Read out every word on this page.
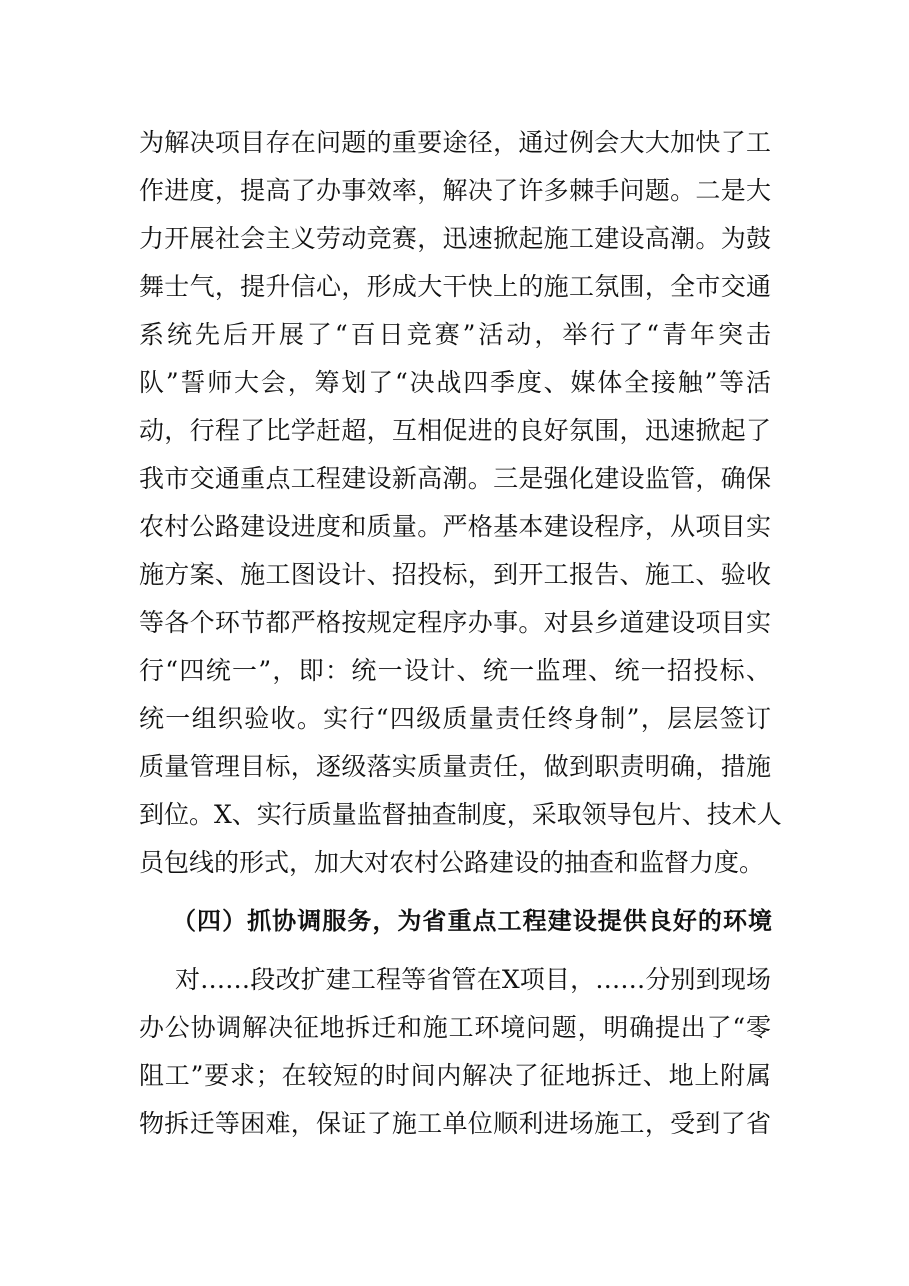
为解决项目存在问题的重要途径，通过例会大大加快了工
作进度，提高了办事效率，解决了许多棘手问题。二是大
力开展社会主义劳动竞赛，迅速掀起施工建设高潮。为鼓
舞士气，提升信心，形成大干快上的施工氛围，全市交通
系统先后开展了“百日竞赛”活动，举行了“青年突击
队”誓师大会，筹划了“决战四季度、媒体全接触”等活
动，行程了比学赶超，互相促进的良好氛围，迅速掀起了
我市交通重点工程建设新高潮。三是强化建设监管，确保
农村公路建设进度和质量。严格基本建设程序，从项目实
施方案、施工图设计、招投标，到开工报告、施工、验收
等各个环节都严格按规定程序办事。对县乡道建设项目实
行“四统一”，即：统一设计、统一监理、统一招投标、
统一组织验收。实行“四级质量责任终身制”，层层签订
质量管理目标，逐级落实质量责任，做到职责明确，措施
到位。X、实行质量监督抽查制度，采取领导包片、技术人
员包线的形式，加大对农村公路建设的抽查和监督力度。
（四）抓协调服务，为省重点工程建设提供良好的环境
对……段改扩建工程等省管在X项目，……分别到现场
办公协调解决征地拆迁和施工环境问题，明确提出了“零
阻工”要求；在较短的时间内解决了征地拆迁、地上附属
物拆迁等困难，保证了施工单位顺利进场施工，受到了省
